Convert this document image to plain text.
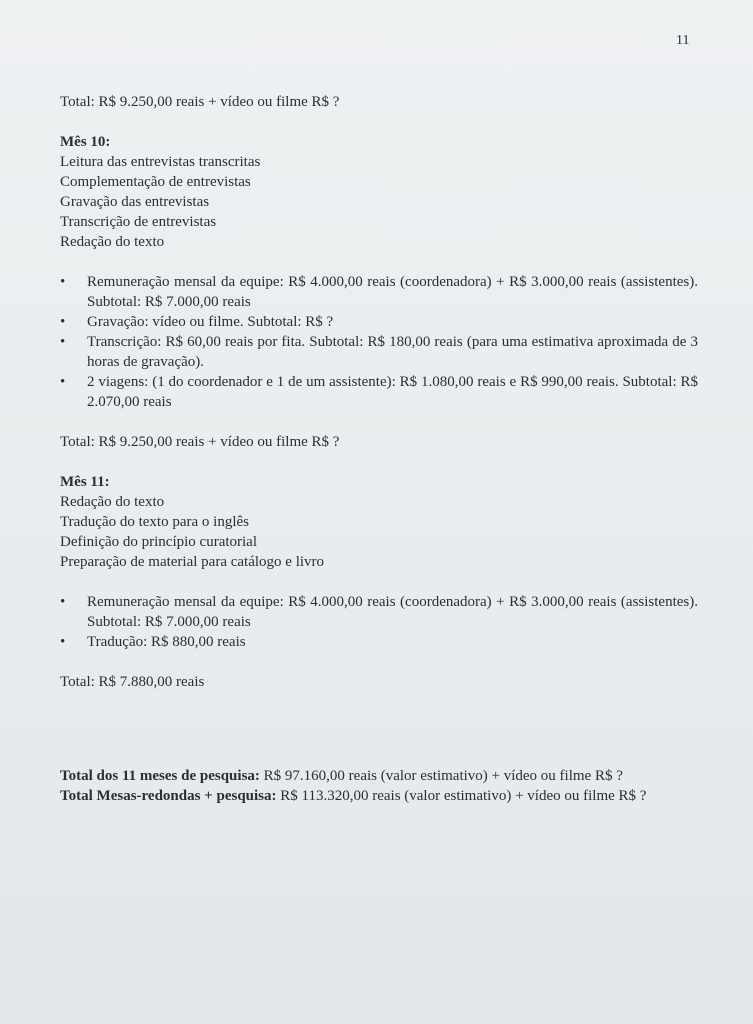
11
Total: R$ 9.250,00 reais + vídeo ou filme R$ ?
Mês 10:
Leitura das entrevistas transcritas
Complementação de entrevistas
Gravação das entrevistas
Transcrição de entrevistas
Redação do texto
• Remuneração mensal da equipe: R$ 4.000,00 reais (coordenadora) + R$ 3.000,00 reais (assistentes). Subtotal: R$ 7.000,00 reais
• Gravação: vídeo ou filme. Subtotal: R$ ?
• Transcrição: R$ 60,00 reais por fita. Subtotal: R$ 180,00 reais (para uma estimativa aproximada de 3 horas de gravação).
• 2 viagens: (1 do coordenador e 1 de um assistente): R$ 1.080,00 reais e R$ 990,00 reais. Subtotal: R$ 2.070,00 reais
Total: R$ 9.250,00 reais + vídeo ou filme R$ ?
Mês 11:
Redação do texto
Tradução do texto para o inglês
Definição do princípio curatorial
Preparação de material para catálogo e livro
• Remuneração mensal da equipe: R$ 4.000,00 reais (coordenadora) + R$ 3.000,00 reais (assistentes). Subtotal: R$ 7.000,00 reais
• Tradução: R$ 880,00 reais
Total: R$ 7.880,00 reais
Total dos 11 meses de pesquisa: R$ 97.160,00 reais (valor estimativo) + vídeo ou filme R$ ?
Total Mesas-redondas + pesquisa: R$ 113.320,00 reais (valor estimativo) + vídeo ou filme R$ ?
